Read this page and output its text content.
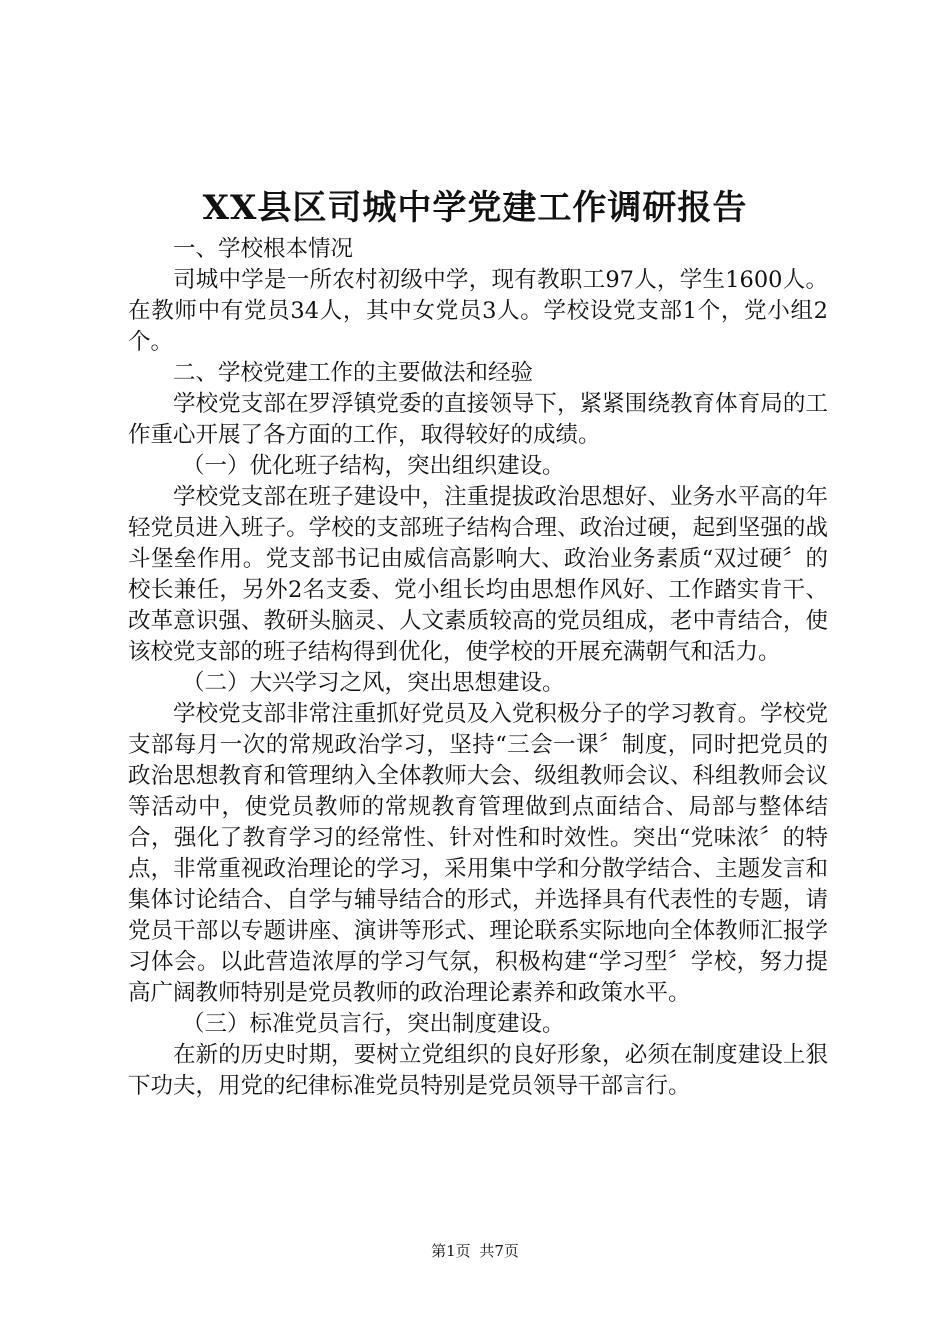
XX县区司城中学党建工作调研报告

一、学校根本情况

司城中学是一所农村初级中学，现有教职工97人，学生1600人。在教师中有党员34人，其中女党员3人。学校设党支部1个，党小组2个。

二、学校党建工作的主要做法和经验

学校党支部在罗浮镇党委的直接领导下，紧紧围绕教育体育局的工作重心开展了各方面的工作，取得较好的成绩。

（一）优化班子结构，突出组织建设。

学校党支部在班子建设中，注重提拔政治思想好、业务水平高的年轻党员进入班子。学校的支部班子结构合理、政治过硬，起到坚强的战斗堡垒作用。党支部书记由威信高影响大、政治业务素质“双过硬〞的校长兼任，另外2名支委、党小组长均由思想作风好、工作踏实肯干、改革意识强、教研头脑灵、人文素质较高的党员组成，老中青结合，使该校党支部的班子结构得到优化，使学校的开展充满朝气和活力。

（二）大兴学习之风，突出思想建设。

学校党支部非常注重抓好党员及入党积极分子的学习教育。学校党支部每月一次的常规政治学习，坚持“三会一课〞制度，同时把党员的政治思想教育和管理纳入全体教师大会、级组教师会议、科组教师会议等活动中，使党员教师的常规教育管理做到点面结合、局部与整体结合，强化了教育学习的经常性、针对性和时效性。突出“党味浓〞的特点，非常重视政治理论的学习，采用集中学和分散学结合、主题发言和集体讨论结合、自学与辅导结合的形式，并选择具有代表性的专题，请党员干部以专题讲座、演讲等形式、理论联系实际地向全体教师汇报学习体会。以此营造浓厚的学习气氛，积极构建“学习型〞学校，努力提高广阔教师特别是党员教师的政治理论素养和政策水平。

（三）标准党员言行，突出制度建设。

在新的历史时期，要树立党组织的良好形象，必须在制度建设上狠下功夫，用党的纪律标准党员特别是党员领导干部言行。

第1页 共7页
